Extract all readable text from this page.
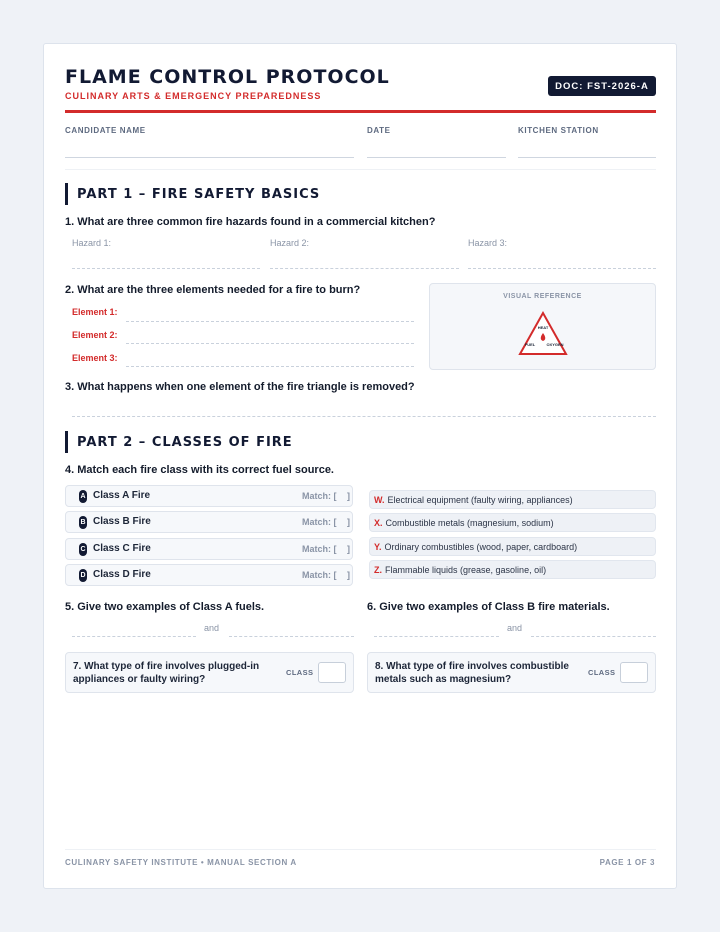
FLAME CONTROL PROTOCOL
CULINARY ARTS & EMERGENCY PREPAREDNESS
DOC: FST-2026-A
CANDIDATE NAME	DATE	KITCHEN STATION
PART 1 – FIRE SAFETY BASICS
1. What are three common fire hazards found in a commercial kitchen?
Hazard 1:	Hazard 2:	Hazard 3:
2. What are the three elements needed for a fire to burn?
Element 1:
Element 2:
Element 3:
VISUAL REFERENCE
HEAT
FUEL	OXYGEN
3. What happens when one element of the fire triangle is removed?
PART 2 – CLASSES OF FIRE
4. Match each fire class with its correct fuel source.
A Class A Fire	Match: [ ]
B Class B Fire	Match: [ ]
C Class C Fire	Match: [ ]
D Class D Fire	Match: [ ]
W. Electrical equipment (faulty wiring, appliances)
X. Combustible metals (magnesium, sodium)
Y. Ordinary combustibles (wood, paper, cardboard)
Z. Flammable liquids (grease, gasoline, oil)
5. Give two examples of Class A fuels.
and
6. Give two examples of Class B fire materials.
and
7. What type of fire involves plugged-in appliances or faulty wiring?
CLASS
8. What type of fire involves combustible metals such as magnesium?
CLASS
CULINARY SAFETY INSTITUTE • MANUAL SECTION A	PAGE 1 OF 3
